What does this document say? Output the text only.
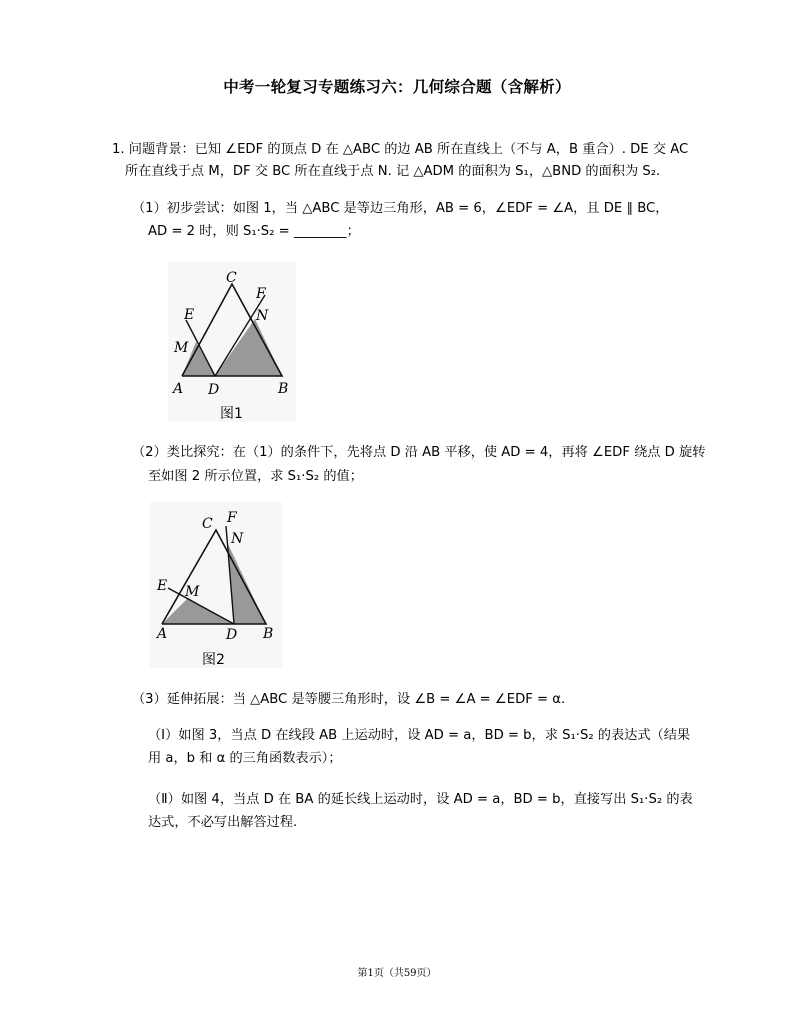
中考一轮复习专题练习六：几何综合题（含解析）
1. 问题背景：已知 ∠EDF 的顶点 D 在 △ABC 的边 AB 所在直线上（不与 A，B 重合）. DE 交 AC
所在直线于点 M，DF 交 BC 所在直线于点 N. 记 △ADM 的面积为 S₁，△BND 的面积为 S₂.
（1）初步尝试：如图 1，当 △ABC 是等边三角形，AB = 6，∠EDF = ∠A，且 DE ∥ BC，
AD = 2 时，则 S₁·S₂ = ________；
C
F
E	N
M
A D	B
图1
（2）类比探究：在（1）的条件下，先将点 D 沿 AB 平移，使 AD = 4，再将 ∠EDF 绕点 D 旋转
至如图 2 所示位置，求 S₁·S₂ 的值；
C F
N
E M
A	D B
图2
（3）延伸拓展：当 △ABC 是等腰三角形时，设 ∠B = ∠A = ∠EDF = α.
（Ⅰ）如图 3，当点 D 在线段 AB 上运动时，设 AD = a，BD = b，求 S₁·S₂ 的表达式（结果
用 a，b 和 α 的三角函数表示）；
（Ⅱ）如图 4，当点 D 在 BA 的延长线上运动时，设 AD = a，BD = b，直接写出 S₁·S₂ 的表
达式，不必写出解答过程.
第1页（共59页）
